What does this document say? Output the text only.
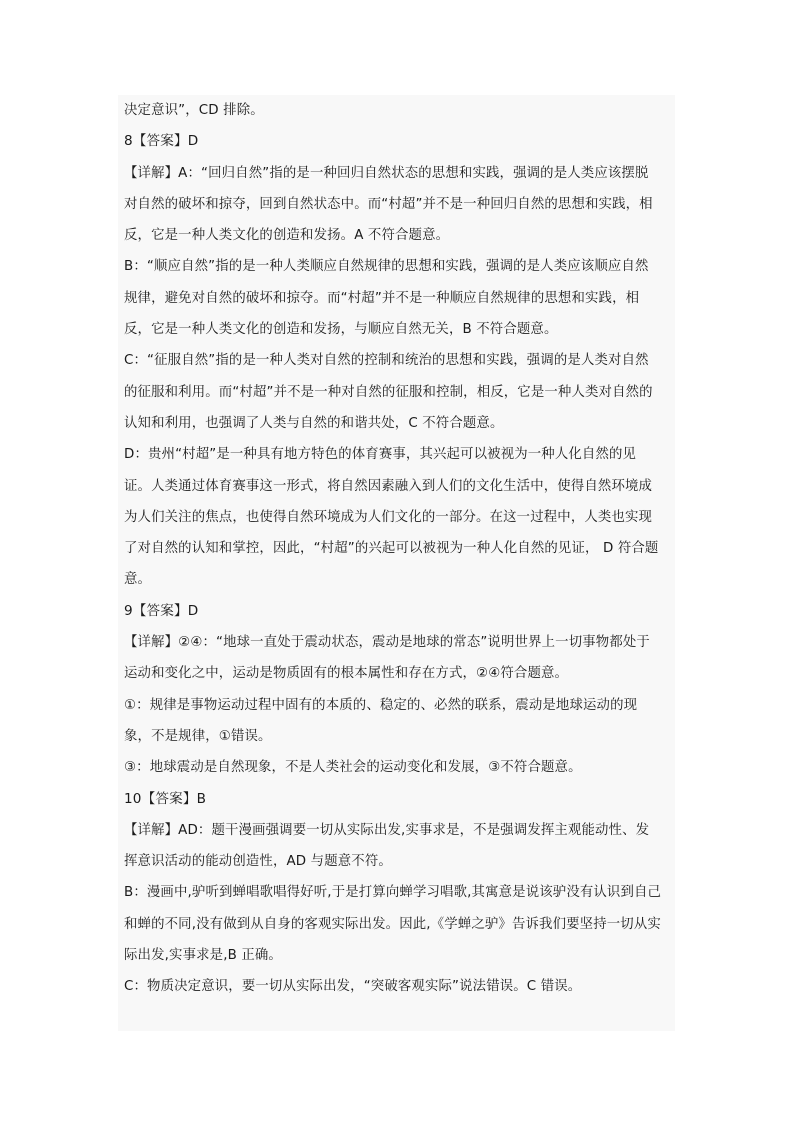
决定意识”，CD 排除。
8【答案】D
【详解】A：“回归自然”指的是一种回归自然状态的思想和实践，强调的是人类应该摆脱
对自然的破坏和掠夺，回到自然状态中。而“村超”并不是一种回归自然的思想和实践，相
反，它是一种人类文化的创造和发扬。A 不符合题意。
B：“顺应自然”指的是一种人类顺应自然规律的思想和实践，强调的是人类应该顺应自然
规律，避免对自然的破坏和掠夺。而“村超”并不是一种顺应自然规律的思想和实践，相
反，它是一种人类文化的创造和发扬，与顺应自然无关，B 不符合题意。
C：“征服自然”指的是一种人类对自然的控制和统治的思想和实践，强调的是人类对自然
的征服和利用。而“村超”并不是一种对自然的征服和控制，相反，它是一种人类对自然的
认知和利用，也强调了人类与自然的和谐共处，C 不符合题意。
D：贵州“村超”是一种具有地方特色的体育赛事，其兴起可以被视为一种人化自然的见
证。人类通过体育赛事这一形式，将自然因素融入到人们的文化生活中，使得自然环境成
为人们关注的焦点，也使得自然环境成为人们文化的一部分。在这一过程中，人类也实现
了对自然的认知和掌控，因此，“村超”的兴起可以被视为一种人化自然的见证， D 符合题
意。
9【答案】D
【详解】②④：“地球一直处于震动状态，震动是地球的常态”说明世界上一切事物都处于
运动和变化之中，运动是物质固有的根本属性和存在方式，②④符合题意。
①：规律是事物运动过程中固有的本质的、稳定的、必然的联系，震动是地球运动的现
象，不是规律，①错误。
③：地球震动是自然现象，不是人类社会的运动变化和发展，③不符合题意。
10【答案】B
【详解】AD：题干漫画强调要一切从实际出发,实事求是，不是强调发挥主观能动性、发
挥意识活动的能动创造性，AD 与题意不符。
B：漫画中,驴听到蝉唱歌唱得好听,于是打算向蝉学习唱歌,其寓意是说该驴没有认识到自己
和蝉的不同,没有做到从自身的客观实际出发。因此,《学蝉之驴》告诉我们要坚持一切从实
际出发,实事求是,B 正确。
C：物质决定意识，要一切从实际出发，“突破客观实际”说法错误。C 错误。
